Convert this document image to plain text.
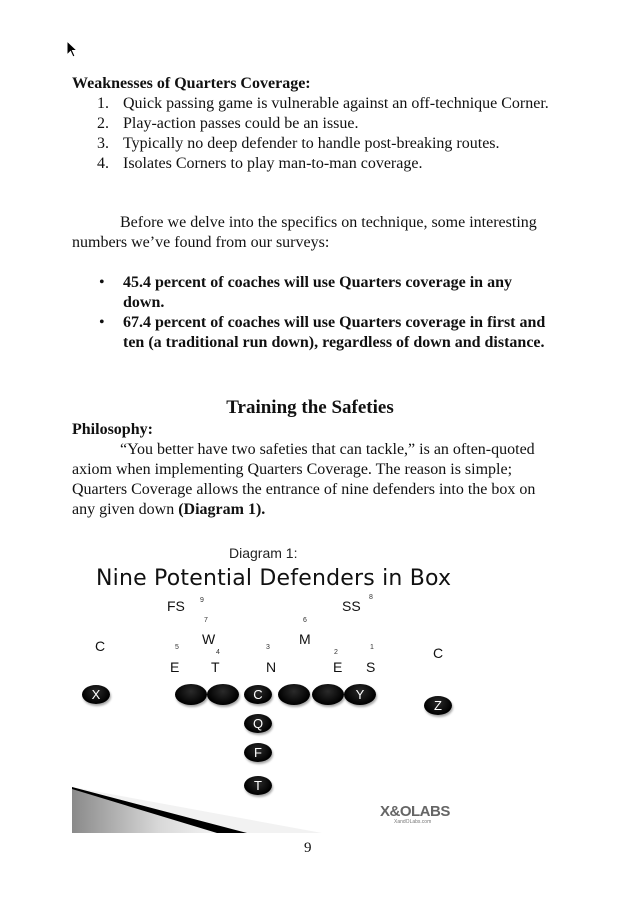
Weaknesses of Quarters Coverage:
1. Quick passing game is vulnerable against an off-technique Corner.
2. Play-action passes could be an issue.
3. Typically no deep defender to handle post-breaking routes.
4. Isolates Corners to play man-to-man coverage.
Before we delve into the specifics on technique, some interesting numbers we’ve found from our surveys:
• 45.4 percent of coaches will use Quarters coverage in any down.
• 67.4 percent of coaches will use Quarters coverage in first and ten (a traditional run down), regardless of down and distance.
Training the Safeties
Philosophy:
“You better have two safeties that can tackle,” is an often-quoted axiom when implementing Quarters Coverage. The reason is simple; Quarters Coverage allows the entrance of nine defenders into the box on any given down (Diagram 1).
Diagram 1:
Nine Potential Defenders in Box
FS 9	SS
8
7
W
6
M
5
E
4
T
3
N
2
E
1
S
C	C
X	C	Y
Z
Q
F
T
X&OLABS
XandOLabs.com
9
